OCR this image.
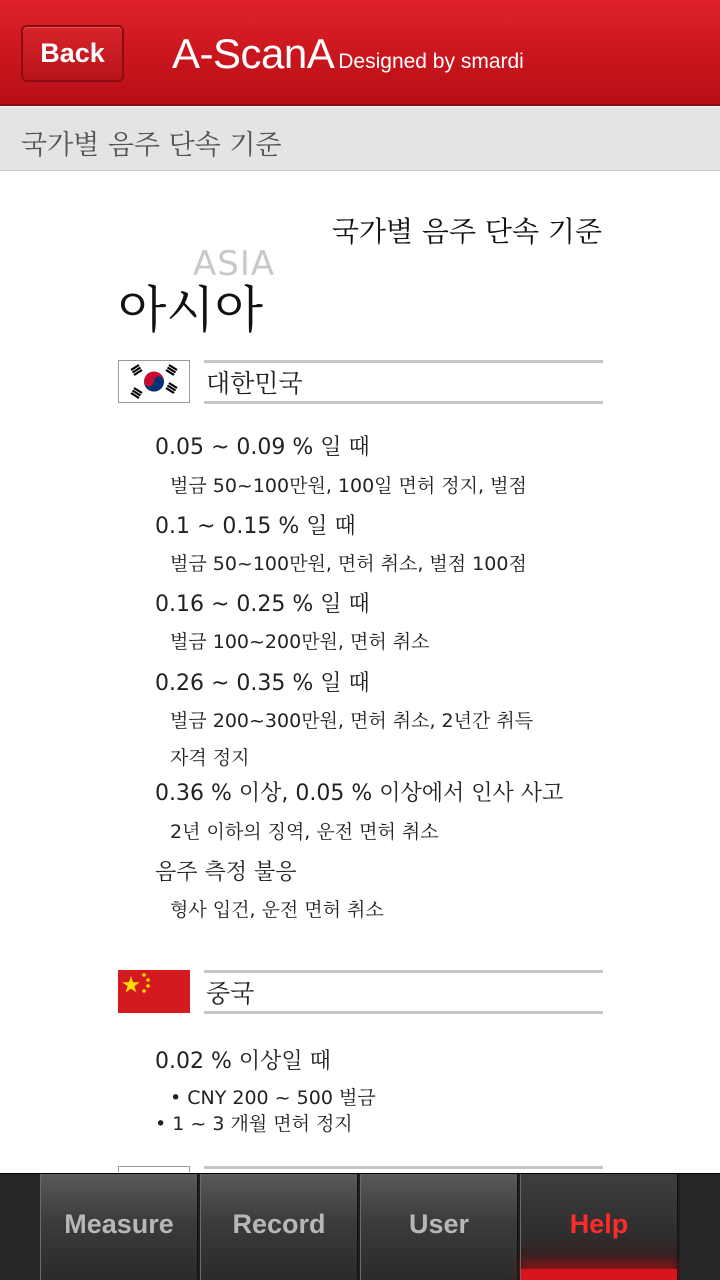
Back	A-ScanA Designed by smardi
국가별 음주 단속 기준
국가별 음주 단속 기준
ASIA
아시아
대한민국
0.05 ~ 0.09 % 일 때
벌금 50~100만원, 100일 면허 정지, 벌점
0.1 ~ 0.15 % 일 때
벌금 50~100만원, 면허 취소, 벌점 100점
0.16 ~ 0.25 % 일 때
벌금 100~200만원, 면허 취소
0.26 ~ 0.35 % 일 때
벌금 200~300만원, 면허 취소, 2년간 취득
자격 정지
0.36 % 이상, 0.05 % 이상에서 인사 사고
2년 이하의 징역, 운전 면허 취소
음주 측정 불응
형사 입건, 운전 면허 취소
중국
0.02 % 이상일 때
• CNY 200 ~ 500 벌금
• 1 ~ 3 개월 면허 정지
Measure	Record	User	Help
